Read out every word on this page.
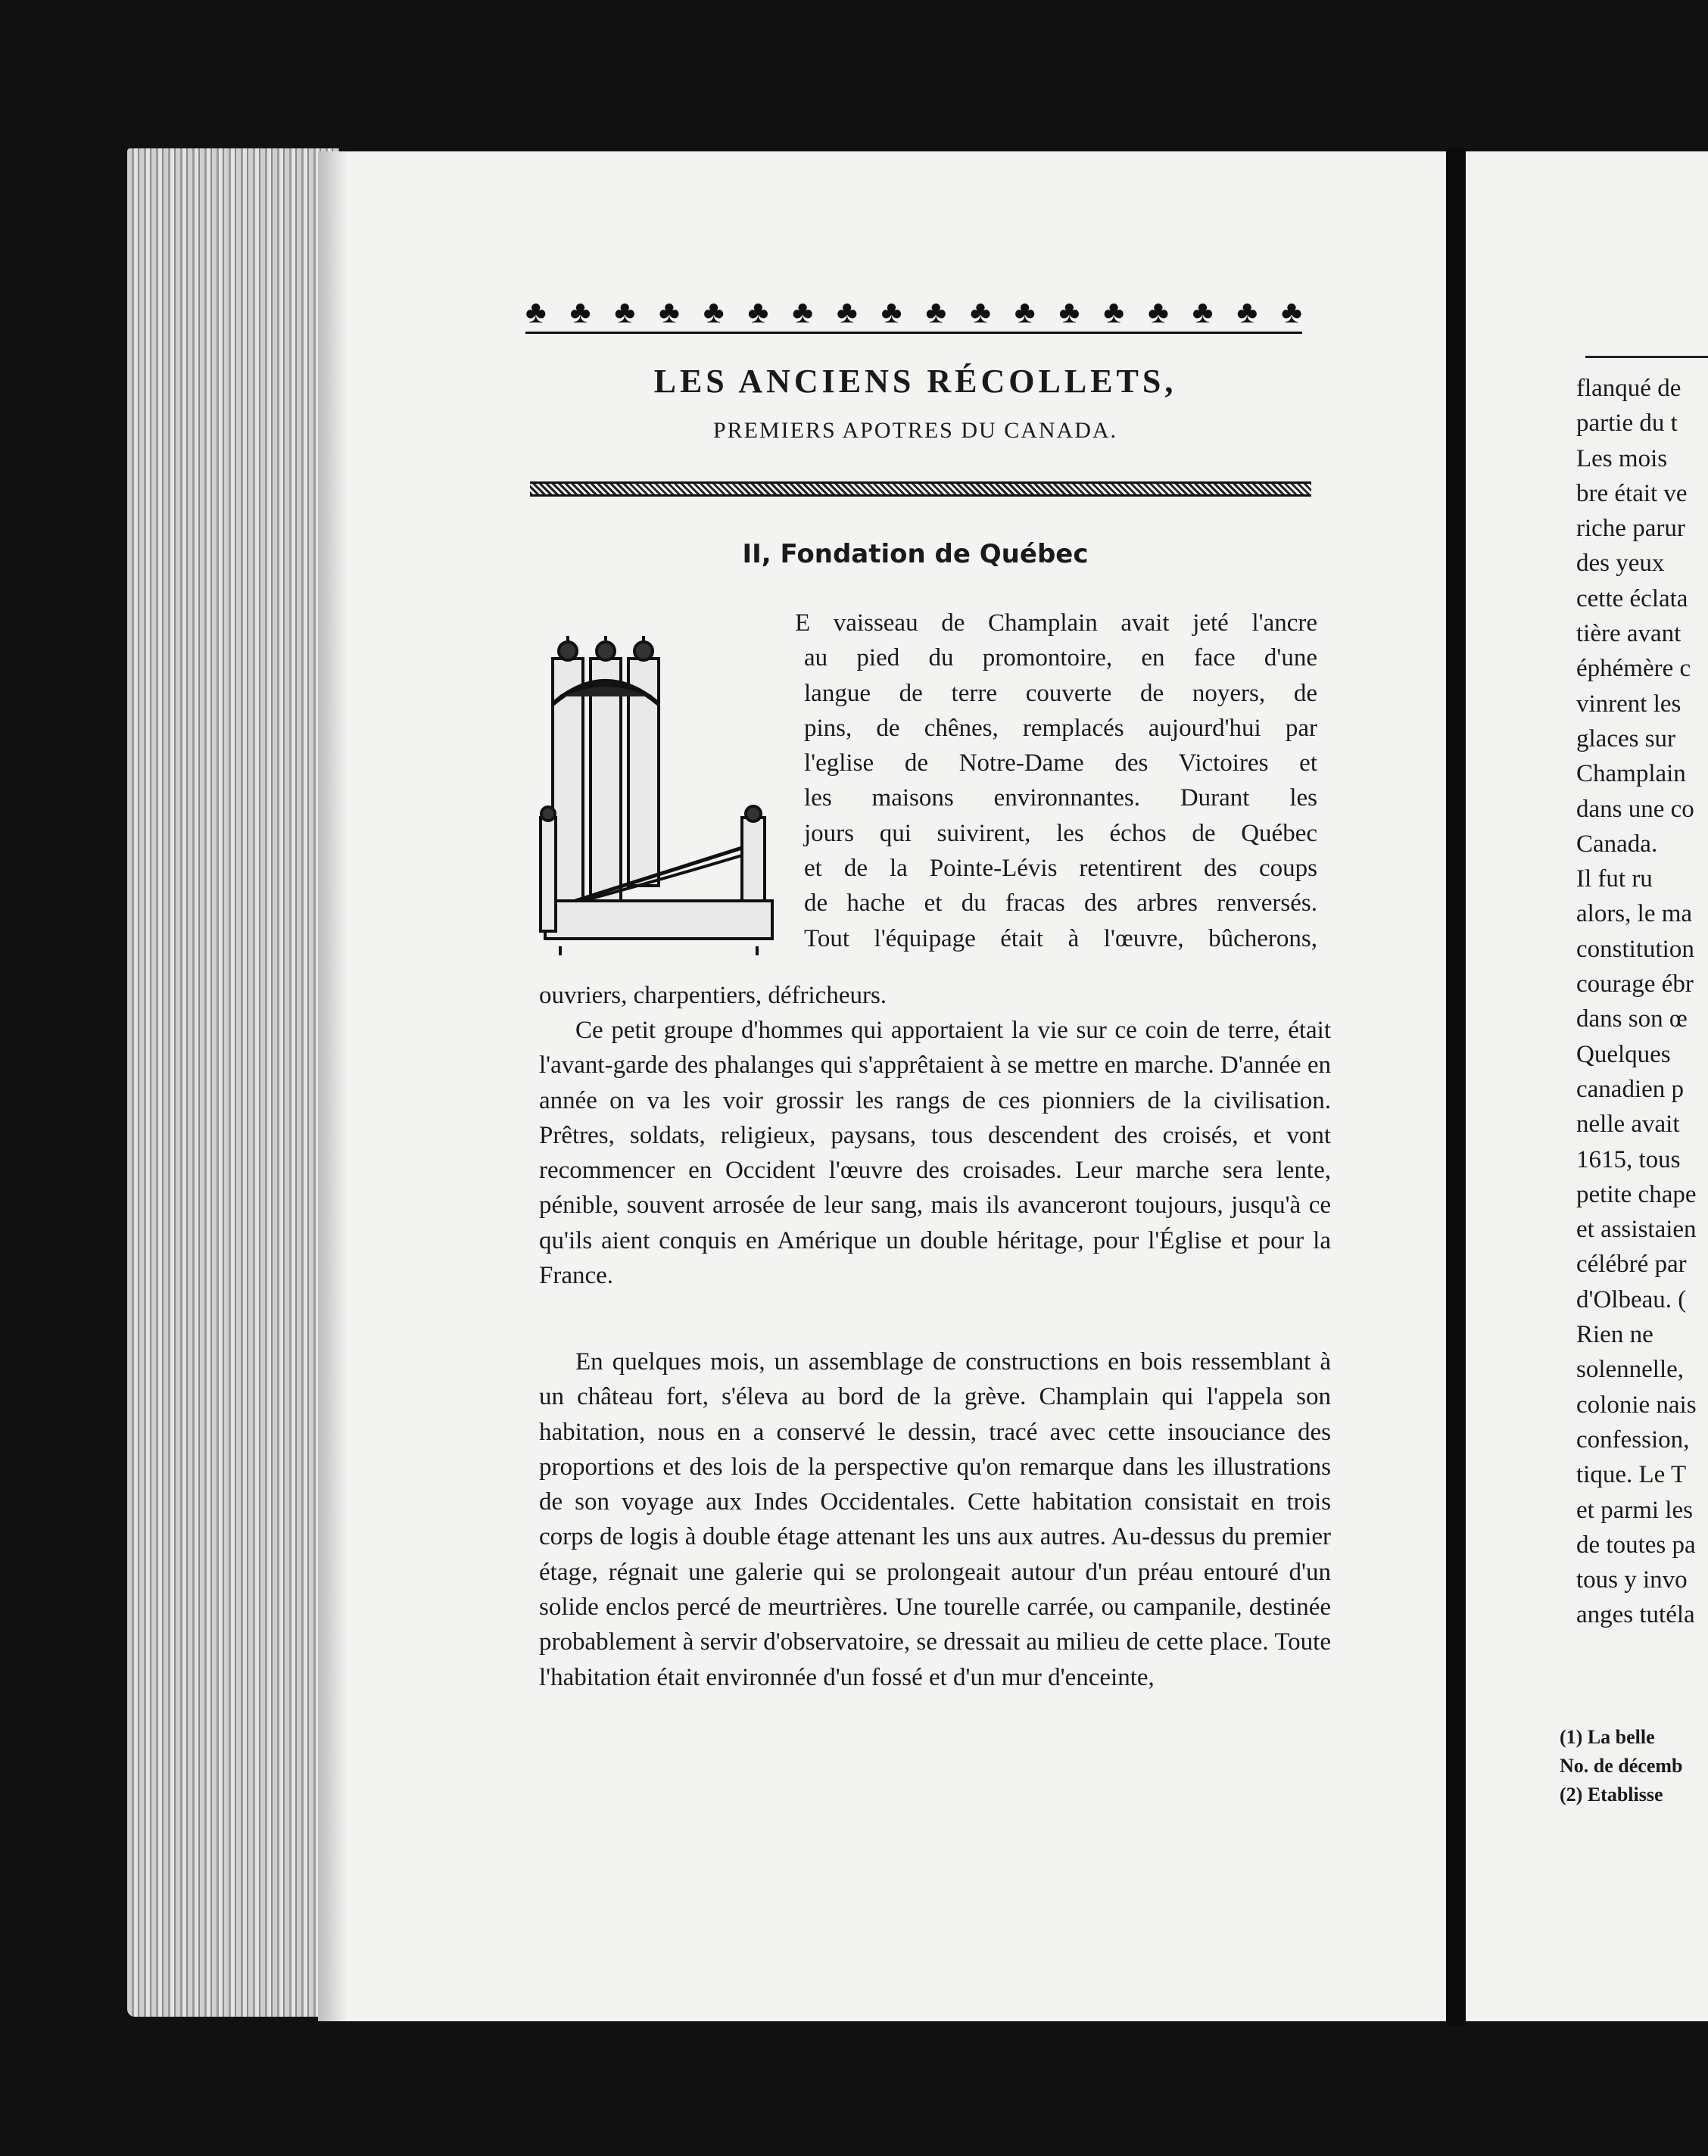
♣ ♣ ♣ ♣ ♣ ♣ ♣ ♣ ♣ ♣ ♣ ♣ ♣ ♣ ♣ ♣ ♣ ♣
LES ANCIENS RÉCOLLETS,
PREMIERS APOTRES DU CANADA.
II, Fondation de Québec
E vaisseau de Champlain avait jeté l'ancre
au pied du promontoire, en face d'une
langue de terre couverte de noyers, de
pins, de chênes, remplacés aujourd'hui par
l'eglise de Notre-Dame des Victoires et
les maisons environnantes. Durant les
jours qui suivirent, les échos de Québec
et de la Pointe-Lévis retentirent des coups
de hache et du fracas des arbres renversés.
Tout l'équipage était à l'œuvre, bûcherons,
ouvriers, charpentiers, défricheurs.

Ce petit groupe d'hommes qui apportaient la vie sur ce coin de terre, était l'avant-garde des phalanges qui s'apprêtaient à se mettre en marche. D'année en année on va les voir grossir les rangs de ces pionniers de la civilisation. Prêtres, soldats, religieux, paysans, tous descendent des croisés, et vont recommencer en Occident l'œuvre des croisades. Leur marche sera lente, pénible, souvent arrosée de leur sang, mais ils avanceront toujours, jusqu'à ce qu'ils aient conquis en Amérique un double héritage, pour l'Église et pour la France.

En quelques mois, un assemblage de constructions en bois ressemblant à un château fort, s'éleva au bord de la grève. Champlain qui l'appela son habitation, nous en a conservé le dessin, tracé avec cette insouciance des proportions et des lois de la perspective qu'on remarque dans les illustrations de son voyage aux Indes Occidentales. Cette habitation consistait en trois corps de logis à double étage attenant les uns aux autres. Au-dessus du premier étage, régnait une galerie qui se prolongeait autour d'un préau entouré d'un solide enclos percé de meurtrières. Une tourelle carrée, ou campanile, destinée probablement à servir d'observatoire, se dressait au milieu de cette place. Toute l'habitation était environnée d'un fossé et d'un mur d'enceinte,

flanqué de
partie du t
Les mois
bre était ve
riche parur
des yeux
cette éclata
tière avant
éphémère c
vinrent les
glaces sur
Champlain
dans une co
Canada.
Il fut ru
alors, le ma
constitution
courage ébr
dans son œ
Quelques
canadien p
nelle avait
1615, tous
petite chape
et assistaien
célébré par
d'Olbeau. (
Rien ne
solennelle,
colonie nais
confession,
tique. Le T
et parmi les
de toutes pa
tous y invo
anges tutéla
(1) La belle
No. de décemb
(2) Etablisse
